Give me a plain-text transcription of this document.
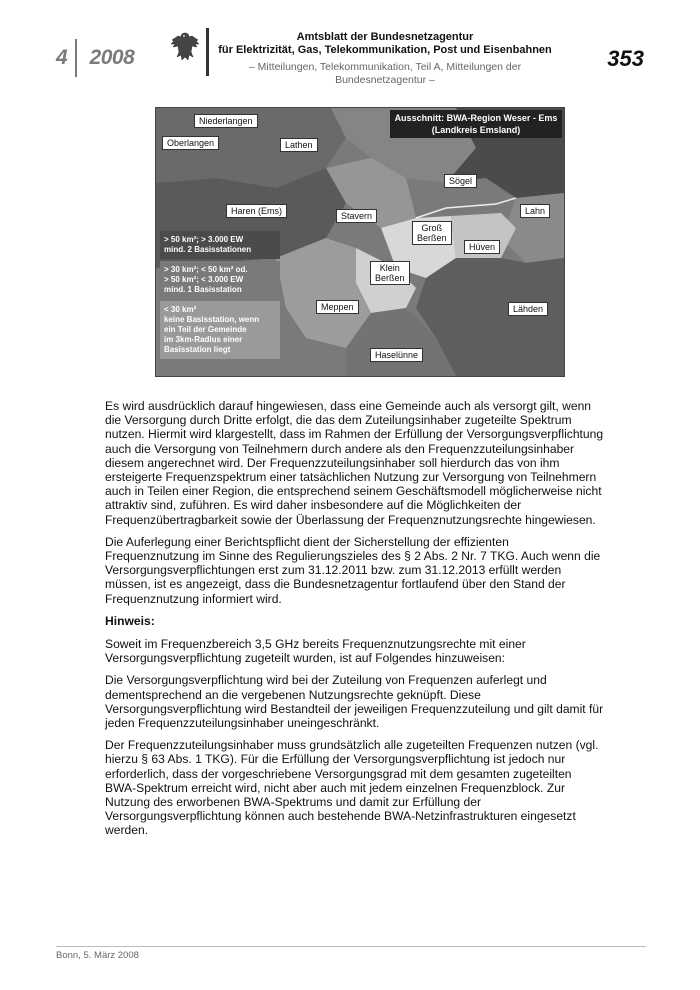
4 2008
Amtsblatt der Bundesnetzagentur
für Elektrizität, Gas, Telekommunikation, Post und Eisenbahnen
– Mitteilungen, Telekommunikation, Teil A, Mitteilungen der Bundesnetzagentur –
353
Ausschnitt: BWA-Region Weser - Ems
(Landkreis Emsland)
Niederlangen
Oberlangen	Lathen
Sögel
Haren (Ems)	Stavern	Lahn
Groß
Berßen
Hüven
Klein
Berßen
Meppen	Lähden
Haselünne
> 50 km²; > 3.000 EW
mind. 2 Basisstationen
> 30 km²; < 50 km² od.
> 50 km²; < 3.000 EW
mind. 1 Basisstation
< 30 km²
keine Basisstation, wenn
ein Teil der Gemeinde
im 3km-Radius einer
Basisstation liegt

Es wird ausdrücklich darauf hingewiesen, dass eine Gemeinde auch als versorgt gilt, wenn die Versorgung durch Dritte erfolgt, die das dem Zuteilungsinhaber zugeteilte Spektrum nutzen. Hiermit wird klargestellt, dass im Rahmen der Erfüllung der Versorgungsverpflichtung auch die Versorgung von Teilnehmern durch andere als den Frequenzzuteilungsinhaber diesem angerechnet wird. Der Frequenzzuteilungsinhaber soll hierdurch das von ihm ersteigerte Frequenzspektrum einer tatsächlichen Nutzung zur Versorgung von Teilnehmern auch in Teilen einer Region, die entsprechend seinem Geschäftsmodell möglicherweise nicht attraktiv sind, zuführen. Es wird daher insbesondere auf die Möglichkeiten der Frequenzübertragbarkeit sowie der Überlassung der Frequenznutzungsrechte hingewiesen.

Die Auferlegung einer Berichtspflicht dient der Sicherstellung der effizienten Frequenznutzung im Sinne des Regulierungszieles des § 2 Abs. 2 Nr. 7 TKG. Auch wenn die Versorgungsverpflichtungen erst zum 31.12.2011 bzw. zum 31.12.2013 erfüllt werden müssen, ist es angezeigt, dass die Bundesnetzagentur fortlaufend über den Stand der Frequenznutzung informiert wird.

Hinweis:

Soweit im Frequenzbereich 3,5 GHz bereits Frequenznutzungsrechte mit einer Versorgungsverpflichtung zugeteilt wurden, ist auf Folgendes hinzuweisen:

Die Versorgungsverpflichtung wird bei der Zuteilung von Frequenzen auferlegt und dementsprechend an die vergebenen Nutzungsrechte geknüpft. Diese Versorgungsverpflichtung wird Bestandteil der jeweiligen Frequenzzuteilung und gilt damit für jeden Frequenzzuteilungsinhaber uneingeschränkt.

Der Frequenzzuteilungsinhaber muss grundsätzlich alle zugeteilten Frequenzen nutzen (vgl. hierzu § 63 Abs. 1 TKG). Für die Erfüllung der Versorgungsverpflichtung ist jedoch nur erforderlich, dass der vorgeschriebene Versorgungsgrad mit dem gesamten zugeteilten BWA-Spektrum erreicht wird, nicht aber auch mit jedem einzelnen Frequenzblock. Zur Nutzung des erworbenen BWA-Spektrums und damit zur Erfüllung der Versorgungsverpflichtung können auch bestehende BWA-Netzinfrastrukturen eingesetzt werden.

Bonn, 5. März 2008
